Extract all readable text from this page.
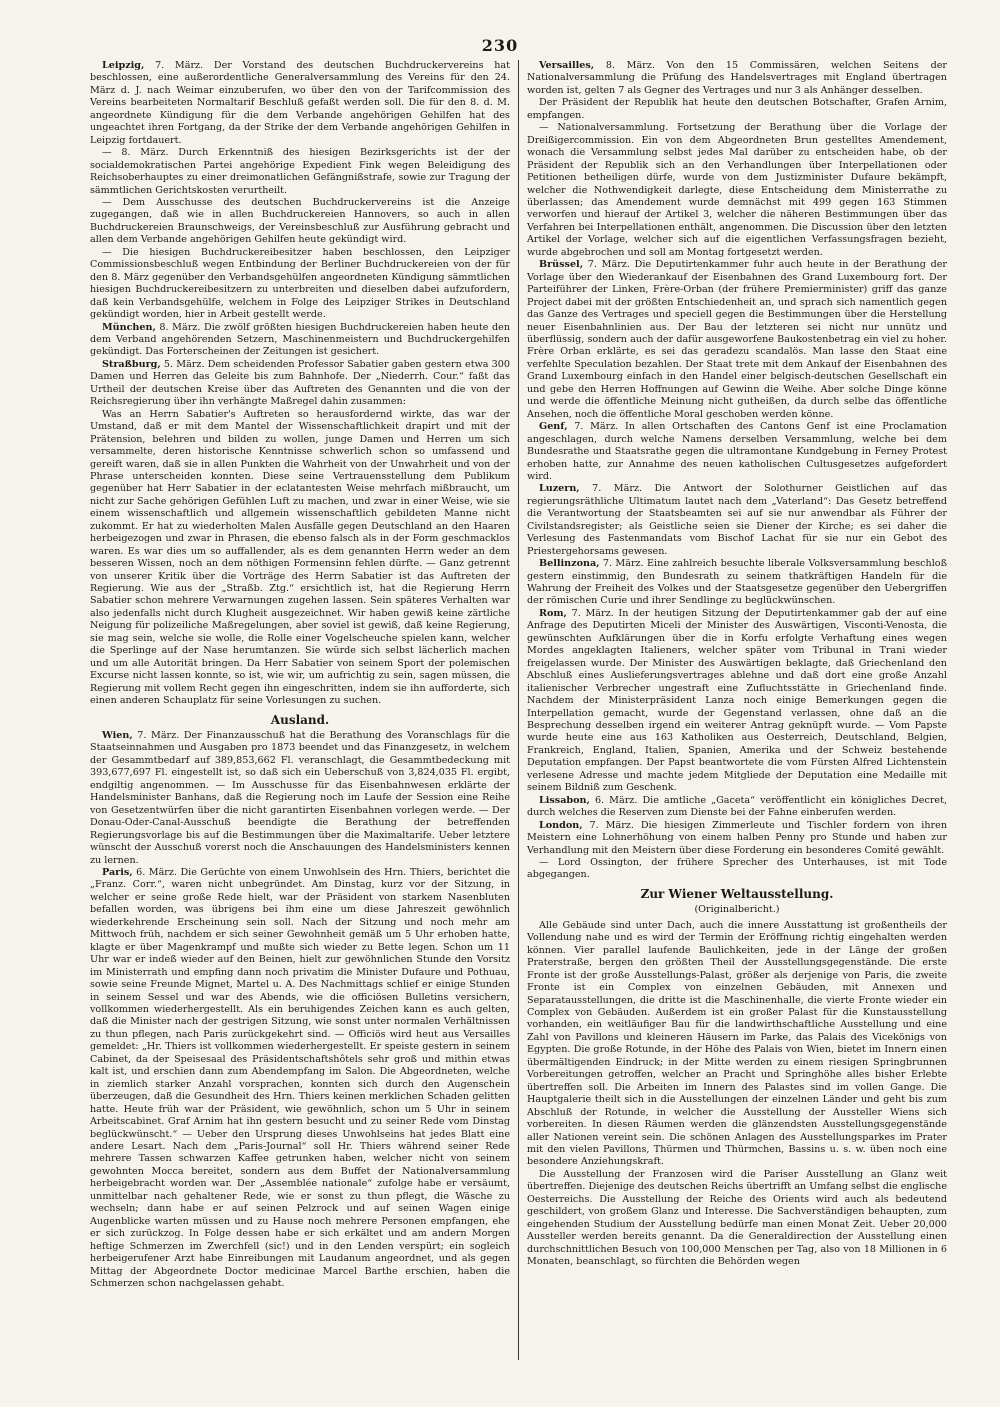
230

Leipzig, 7. März. Der Vorstand des deutschen Buchdruckervereins hat beschlossen, eine außerordentliche Generalversammlung des Vereins für den 24. März d. J. nach Weimar einzuberufen, wo über den von der Tarifcommission des Vereins bearbeiteten Normaltarif Beschluß gefaßt werden soll. Die für den 8. d. M. angeordnete Kündigung für die dem Verbande angehörigen Gehilfen hat des ungeachtet ihren Fortgang, da der Strike der dem Verbande angehörigen Gehilfen in Leipzig fortdauert.

— 8. März. Durch Erkenntniß des hiesigen Bezirksgerichts ist der der socialdemokratischen Partei angehörige Expedient Fink wegen Beleidigung des Reichsoberhauptes zu einer dreimonatlichen Gefängnißstrafe, sowie zur Tragung der sämmtlichen Gerichtskosten verurtheilt.

— Dem Ausschusse des deutschen Buchdruckervereins ist die Anzeige zugegangen, daß wie in allen Buchdruckereien Hannovers, so auch in allen Buchdruckereien Braunschweigs, der Vereinsbeschluß zur Ausführung gebracht und allen dem Verbande angehörigen Gehilfen heute gekündigt wird.

— Die hiesigen Buchdruckereibesitzer haben beschlossen, den Leipziger Commissionsbeschluß wegen Entbindung der Berliner Buchdruckereien von der für den 8. März gegenüber den Verbandsgehülfen angeordneten Kündigung sämmtlichen hiesigen Buchdruckereibesitzern zu unterbreiten und dieselben dabei aufzufordern, daß kein Verbandsgehülfe, welchem in Folge des Leipziger Strikes in Deutschland gekündigt worden, hier in Arbeit gestellt werde.

München, 8. März. Die zwölf größten hiesigen Buchdruckereien haben heute den dem Verband angehörenden Setzern, Maschinenmeistern und Buchdruckergehilfen gekündigt. Das Forterscheinen der Zeitungen ist gesichert.

Straßburg, 5. März. Dem scheidenden Professor Sabatier gaben gestern etwa 300 Damen und Herren das Geleite bis zum Bahnhofe. Der „Niederrh. Cour.“ faßt das Urtheil der deutschen Kreise über das Auftreten des Genannten und die von der Reichsregierung über ihn verhängte Maßregel dahin zusammen:

Was an Herrn Sabatier's Auftreten so herausfordernd wirkte, das war der Umstand, daß er mit dem Mantel der Wissenschaftlichkeit drapirt und mit der Prätension, belehren und bilden zu wollen, junge Damen und Herren um sich versammelte, deren historische Kenntnisse schwerlich schon so umfassend und gereift waren, daß sie in allen Punkten die Wahrheit von der Unwahrheit und von der Phrase unterscheiden konnten. Diese seine Vertrauensstellung dem Publikum gegenüber hat Herr Sabatier in der eclatantesten Weise mehrfach mißbraucht, um nicht zur Sache gehörigen Gefühlen Luft zu machen, und zwar in einer Weise, wie sie einem wissenschaftlich und allgemein wissenschaftlich gebildeten Manne nicht zukommt. Er hat zu wiederholten Malen Ausfälle gegen Deutschland an den Haaren herbeigezogen und zwar in Phrasen, die ebenso falsch als in der Form geschmacklos waren. Es war dies um so auffallender, als es dem genannten Herrn weder an dem besseren Wissen, noch an dem nöthigen Formensinn fehlen dürfte. — Ganz getrennt von unserer Kritik über die Vorträge des Herrn Sabatier ist das Auftreten der Regierung. Wie aus der „Straßb. Ztg.“ ersichtlich ist, hat die Regierung Herrn Sabatier schon mehrere Verwarnungen zugehen lassen. Sein späteres Verhalten war also jedenfalls nicht durch Klugheit ausgezeichnet. Wir haben gewiß keine zärtliche Neigung für polizeiliche Maßregelungen, aber soviel ist gewiß, daß keine Regierung, sie mag sein, welche sie wolle, die Rolle einer Vogelscheuche spielen kann, welcher die Sperlinge auf der Nase herumtanzen. Sie würde sich selbst lächerlich machen und um alle Autorität bringen. Da Herr Sabatier von seinem Sport der polemischen Excurse nicht lassen konnte, so ist, wie wir, um aufrichtig zu sein, sagen müssen, die Regierung mit vollem Recht gegen ihn eingeschritten, indem sie ihn aufforderte, sich einen anderen Schauplatz für seine Vorlesungen zu suchen.

Ausland.

Wien, 7. März. Der Finanzausschuß hat die Berathung des Voranschlags für die Staatseinnahmen und Ausgaben pro 1873 beendet und das Finanzgesetz, in welchem der Gesammtbedarf auf 389,853,662 Fl. veranschlagt, die Gesammtbedeckung mit 393,677,697 Fl. eingestellt ist, so daß sich ein Ueberschuß von 3,824,035 Fl. ergibt, endgiltig angenommen. — Im Ausschusse für das Eisenbahnwesen erklärte der Handelsminister Banhans, daß die Regierung noch im Laufe der Session eine Reihe von Gesetzentwürfen über die nicht garantirten Eisenbahnen vorlegen werde. — Der Donau-Oder-Canal-Ausschuß beendigte die Berathung der betreffenden Regierungsvorlage bis auf die Bestimmungen über die Maximaltarife. Ueber letztere wünscht der Ausschuß vorerst noch die Anschauungen des Handelsministers kennen zu lernen.

Paris, 6. März. Die Gerüchte von einem Unwohlsein des Hrn. Thiers, berichtet die „Franz. Corr.“, waren nicht unbegründet. Am Dinstag, kurz vor der Sitzung, in welcher er seine große Rede hielt, war der Präsident von starkem Nasenbluten befallen worden, was übrigens bei ihm eine um diese Jahreszeit gewöhnlich wiederkehrende Erscheinung sein soll. Nach der Sitzung und noch mehr am Mittwoch früh, nachdem er sich seiner Gewohnheit gemäß um 5 Uhr erhoben hatte, klagte er über Magenkrampf und mußte sich wieder zu Bette legen. Schon um 11 Uhr war er indeß wieder auf den Beinen, hielt zur gewöhnlichen Stunde den Vorsitz im Ministerrath und empfing dann noch privatim die Minister Dufaure und Pothuau, sowie seine Freunde Mignet, Martel u. A. Des Nachmittags schlief er einige Stunden in seinem Sessel und war des Abends, wie die officiösen Bulletins versichern, vollkommen wiederhergestellt. Als ein beruhigendes Zeichen kann es auch gelten, daß die Minister nach der gestrigen Sitzung, wie sonst unter normalen Verhältnissen zu thun pflegen, nach Paris zurückgekehrt sind. — Officiös wird heut aus Versailles gemeldet: „Hr. Thiers ist vollkommen wiederhergestellt. Er speiste gestern in seinem Cabinet, da der Speisesaal des Präsidentschaftshôtels sehr groß und mithin etwas kalt ist, und erschien dann zum Abendempfang im Salon. Die Abgeordneten, welche in ziemlich starker Anzahl vorsprachen, konnten sich durch den Augenschein überzeugen, daß die Gesundheit des Hrn. Thiers keinen merklichen Schaden gelitten hatte. Heute früh war der Präsident, wie gewöhnlich, schon um 5 Uhr in seinem Arbeitscabinet. Graf Arnim hat ihn gestern besucht und zu seiner Rede vom Dinstag beglückwünscht.“ — Ueber den Ursprung dieses Unwohlseins hat jedes Blatt eine andere Lesart. Nach dem „Paris-Journal“ soll Hr. Thiers während seiner Rede mehrere Tassen schwarzen Kaffee getrunken haben, welcher nicht von seinem gewohnten Mocca bereitet, sondern aus dem Buffet der Nationalversammlung herbeigebracht worden war. Der „Assemblée nationale“ zufolge habe er versäumt, unmittelbar nach gehaltener Rede, wie er sonst zu thun pflegt, die Wäsche zu wechseln; dann habe er auf seinen Pelzrock und auf seinen Wagen einige Augenblicke warten müssen und zu Hause noch mehrere Personen empfangen, ehe er sich zurückzog. In Folge dessen habe er sich erkältet und am andern Morgen heftige Schmerzen im Zwerchfell (sic!) und in den Lenden verspürt; ein sogleich herbeigerufener Arzt habe Einreibungen mit Laudanum angeordnet, und als gegen Mittag der Abgeordnete Doctor medicinae Marcel Barthe erschien, haben die Schmerzen schon nachgelassen gehabt.

Versailles, 8. März. Von den 15 Commissären, welchen Seitens der Nationalversammlung die Prüfung des Handelsvertrages mit England übertragen worden ist, gelten 7 als Gegner des Vertrages und nur 3 als Anhänger desselben.

Der Präsident der Republik hat heute den deutschen Botschafter, Grafen Arnim, empfangen.

— Nationalversammlung. Fortsetzung der Berathung über die Vorlage der Dreißigercommission. Ein von dem Abgeordneten Brun gestelltes Amendement, wonach die Versammlung selbst jedes Mal darüber zu entscheiden habe, ob der Präsident der Republik sich an den Verhandlungen über Interpellationen oder Petitionen betheiligen dürfe, wurde von dem Justizminister Dufaure bekämpft, welcher die Nothwendigkeit darlegte, diese Entscheidung dem Ministerrathe zu überlassen; das Amendement wurde demnächst mit 499 gegen 163 Stimmen verworfen und hierauf der Artikel 3, welcher die näheren Bestimmungen über das Verfahren bei Interpellationen enthält, angenommen. Die Discussion über den letzten Artikel der Vorlage, welcher sich auf die eigentlichen Verfassungsfragen bezieht, wurde abgebrochen und soll am Montag fortgesetzt werden.

Brüssel, 7. März. Die Deputirtenkammer fuhr auch heute in der Berathung der Vorlage über den Wiederankauf der Eisenbahnen des Grand Luxembourg fort. Der Parteiführer der Linken, Frère-Orban (der frühere Premierminister) griff das ganze Project dabei mit der größten Entschiedenheit an, und sprach sich namentlich gegen das Ganze des Vertrages und speciell gegen die Bestimmungen über die Herstellung neuer Eisenbahnlinien aus. Der Bau der letzteren sei nicht nur unnütz und überflüssig, sondern auch der dafür ausgeworfene Baukostenbetrag ein viel zu hoher. Frère Orban erklärte, es sei das geradezu scandalös. Man lasse den Staat eine verfehlte Speculation bezahlen. Der Staat trete mit dem Ankauf der Eisenbahnen des Grand Luxembourg einfach in den Handel einer belgisch-deutschen Gesellschaft ein und gebe den Herren Hoffnungen auf Gewinn die Weihe. Aber solche Dinge könne und werde die öffentliche Meinung nicht gutheißen, da durch selbe das öffentliche Ansehen, noch die öffentliche Moral geschoben werden könne.

Genf, 7. März. In allen Ortschaften des Cantons Genf ist eine Proclamation angeschlagen, durch welche Namens derselben Versammlung, welche bei dem Bundesrathe und Staatsrathe gegen die ultramontane Kundgebung in Ferney Protest erhoben hatte, zur Annahme des neuen katholischen Cultusgesetzes aufgefordert wird.

Luzern, 7. März. Die Antwort der Solothurner Geistlichen auf das regierungsräthliche Ultimatum lautet nach dem „Vaterland“: Das Gesetz betreffend die Verantwortung der Staatsbeamten sei auf sie nur anwendbar als Führer der Civilstandsregister; als Geistliche seien sie Diener der Kirche; es sei daher die Verlesung des Fastenmandats vom Bischof Lachat für sie nur ein Gebot des Priestergehorsams gewesen.

Bellinzona, 7. März. Eine zahlreich besuchte liberale Volksversammlung beschloß gestern einstimmig, den Bundesrath zu seinem thatkräftigen Handeln für die Wahrung der Freiheit des Volkes und der Staatsgesetze gegenüber den Uebergriffen der römischen Curie und ihrer Sendlinge zu beglückwünschen.

Rom, 7. März. In der heutigen Sitzung der Deputirtenkammer gab der auf eine Anfrage des Deputirten Miceli der Minister des Auswärtigen, Visconti-Venosta, die gewünschten Aufklärungen über die in Korfu erfolgte Verhaftung eines wegen Mordes angeklagten Italieners, welcher später vom Tribunal in Trani wieder freigelassen wurde. Der Minister des Auswärtigen beklagte, daß Griechenland den Abschluß eines Auslieferungsvertrages ablehne und daß dort eine große Anzahl italienischer Verbrecher ungestraft eine Zufluchtsstätte in Griechenland finde. Nachdem der Ministerpräsident Lanza noch einige Bemerkungen gegen die Interpellation gemacht, wurde der Gegenstand verlassen, ohne daß an die Besprechung desselben irgend ein weiterer Antrag geknüpft wurde. — Vom Papste wurde heute eine aus 163 Katholiken aus Oesterreich, Deutschland, Belgien, Frankreich, England, Italien, Spanien, Amerika und der Schweiz bestehende Deputation empfangen. Der Papst beantwortete die vom Fürsten Alfred Lichtenstein verlesene Adresse und machte jedem Mitgliede der Deputation eine Medaille mit seinem Bildniß zum Geschenk.

Lissabon, 6. März. Die amtliche „Gaceta“ veröffentlicht ein königliches Decret, durch welches die Reserven zum Dienste bei der Fahne einberufen werden.

London, 7. März. Die hiesigen Zimmerleute und Tischler fordern von ihren Meistern eine Lohnerhöhung von einem halben Penny pro Stunde und haben zur Verhandlung mit den Meistern über diese Forderung ein besonderes Comité gewählt.

— Lord Ossington, der frühere Sprecher des Unterhauses, ist mit Tode abgegangen.

Zur Wiener Weltausstellung.

(Originalbericht.)

Alle Gebäude sind unter Dach, auch die innere Ausstattung ist großentheils der Vollendung nahe und es wird der Termin der Eröffnung richtig eingehalten werden können. Vier parallel laufende Baulichkeiten, jede in der Länge der großen Praterstraße, bergen den größten Theil der Ausstellungsgegenstände. Die erste Fronte ist der große Ausstellungs-Palast, größer als derjenige von Paris, die zweite Fronte ist ein Complex von einzelnen Gebäuden, mit Annexen und Separatausstellungen, die dritte ist die Maschinenhalle, die vierte Fronte wieder ein Complex von Gebäuden. Außerdem ist ein großer Palast für die Kunstausstellung vorhanden, ein weitläufiger Bau für die landwirthschaftliche Ausstellung und eine Zahl von Pavillons und kleineren Häusern im Parke, das Palais des Vicekönigs von Egypten. Die große Rotunde, in der Höhe des Palais von Wien, bietet im Innern einen übermältigenden Eindruck; in der Mitte werden zu einem riesigen Springbrunnen Vorbereitungen getroffen, welcher an Pracht und Springhöhe alles bisher Erlebte übertreffen soll. Die Arbeiten im Innern des Palastes sind im vollen Gange. Die Hauptgalerie theilt sich in die Ausstellungen der einzelnen Länder und geht bis zum Abschluß der Rotunde, in welcher die Ausstellung der Aussteller Wiens sich vorbereiten. In diesen Räumen werden die glänzendsten Ausstellungsgegenstände aller Nationen vereint sein. Die schönen Anlagen des Ausstellungsparkes im Prater mit den vielen Pavillons, Thürmen und Thürmchen, Bassins u. s. w. üben noch eine besondere Anziehungskraft.

Die Ausstellung der Franzosen wird die Pariser Ausstellung an Glanz weit übertreffen. Diejenige des deutschen Reichs übertrifft an Umfang selbst die englische Oesterreichs. Die Ausstellung der Reiche des Orients wird auch als bedeutend geschildert, von großem Glanz und Interesse. Die Sachverständigen behaupten, zum eingehenden Studium der Ausstellung bedürfe man einen Monat Zeit. Ueber 20,000 Aussteller werden bereits genannt. Da die Generaldirection der Ausstellung einen durchschnittlichen Besuch von 100,000 Menschen per Tag, also von 18 Millionen in 6 Monaten, beanschlagt, so fürchten die Behörden wegen
